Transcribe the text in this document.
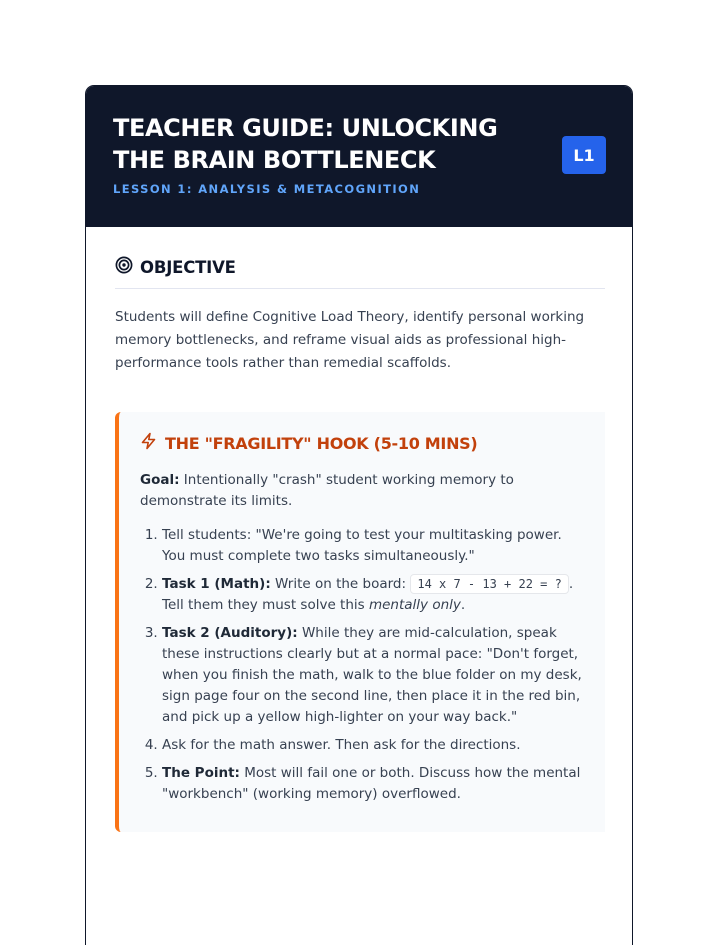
TEACHER GUIDE: UNLOCKING THE BRAIN BOTTLENECK
LESSON 1: ANALYSIS & METACOGNITION
L1
OBJECTIVE

Students will define Cognitive Load Theory, identify personal working memory bottlenecks, and reframe visual aids as professional high-performance tools rather than remedial scaffolds.

THE "FRAGILITY" HOOK (5-10 MINS)

Goal: Intentionally "crash" student working memory to demonstrate its limits.

1. Tell students: "We're going to test your multitasking power. You must complete two tasks simultaneously."
2. Task 1 (Math): Write on the board: 14 x 7 - 13 + 22 = ? . Tell them they must solve this mentally only.
3. Task 2 (Auditory): While they are mid-calculation, speak these instructions clearly but at a normal pace: "Don't forget, when you finish the math, walk to the blue folder on my desk, sign page four on the second line, then place it in the red bin, and pick up a yellow high-lighter on your way back."
4. Ask for the math answer. Then ask for the directions.
5. The Point: Most will fail one or both. Discuss how the mental "workbench" (working memory) overflowed.
